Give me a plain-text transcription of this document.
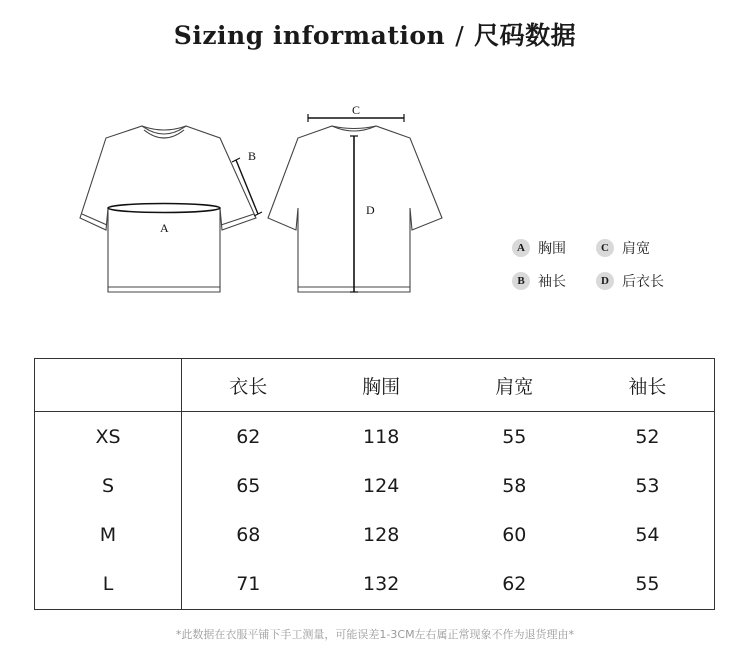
Sizing information / 尺码数据
A
B
C
D
A 胸围	C 肩宽
B 袖长	D 后衣长
	衣长	胸围	肩宽	袖长
XS	62	118	55	52
S	65	124	58	53
M	68	128	60	54
L	71	132	62	55
*此数据在衣服平铺下手工测量，可能误差1-3CM左右属正常现象不作为退货理由*
